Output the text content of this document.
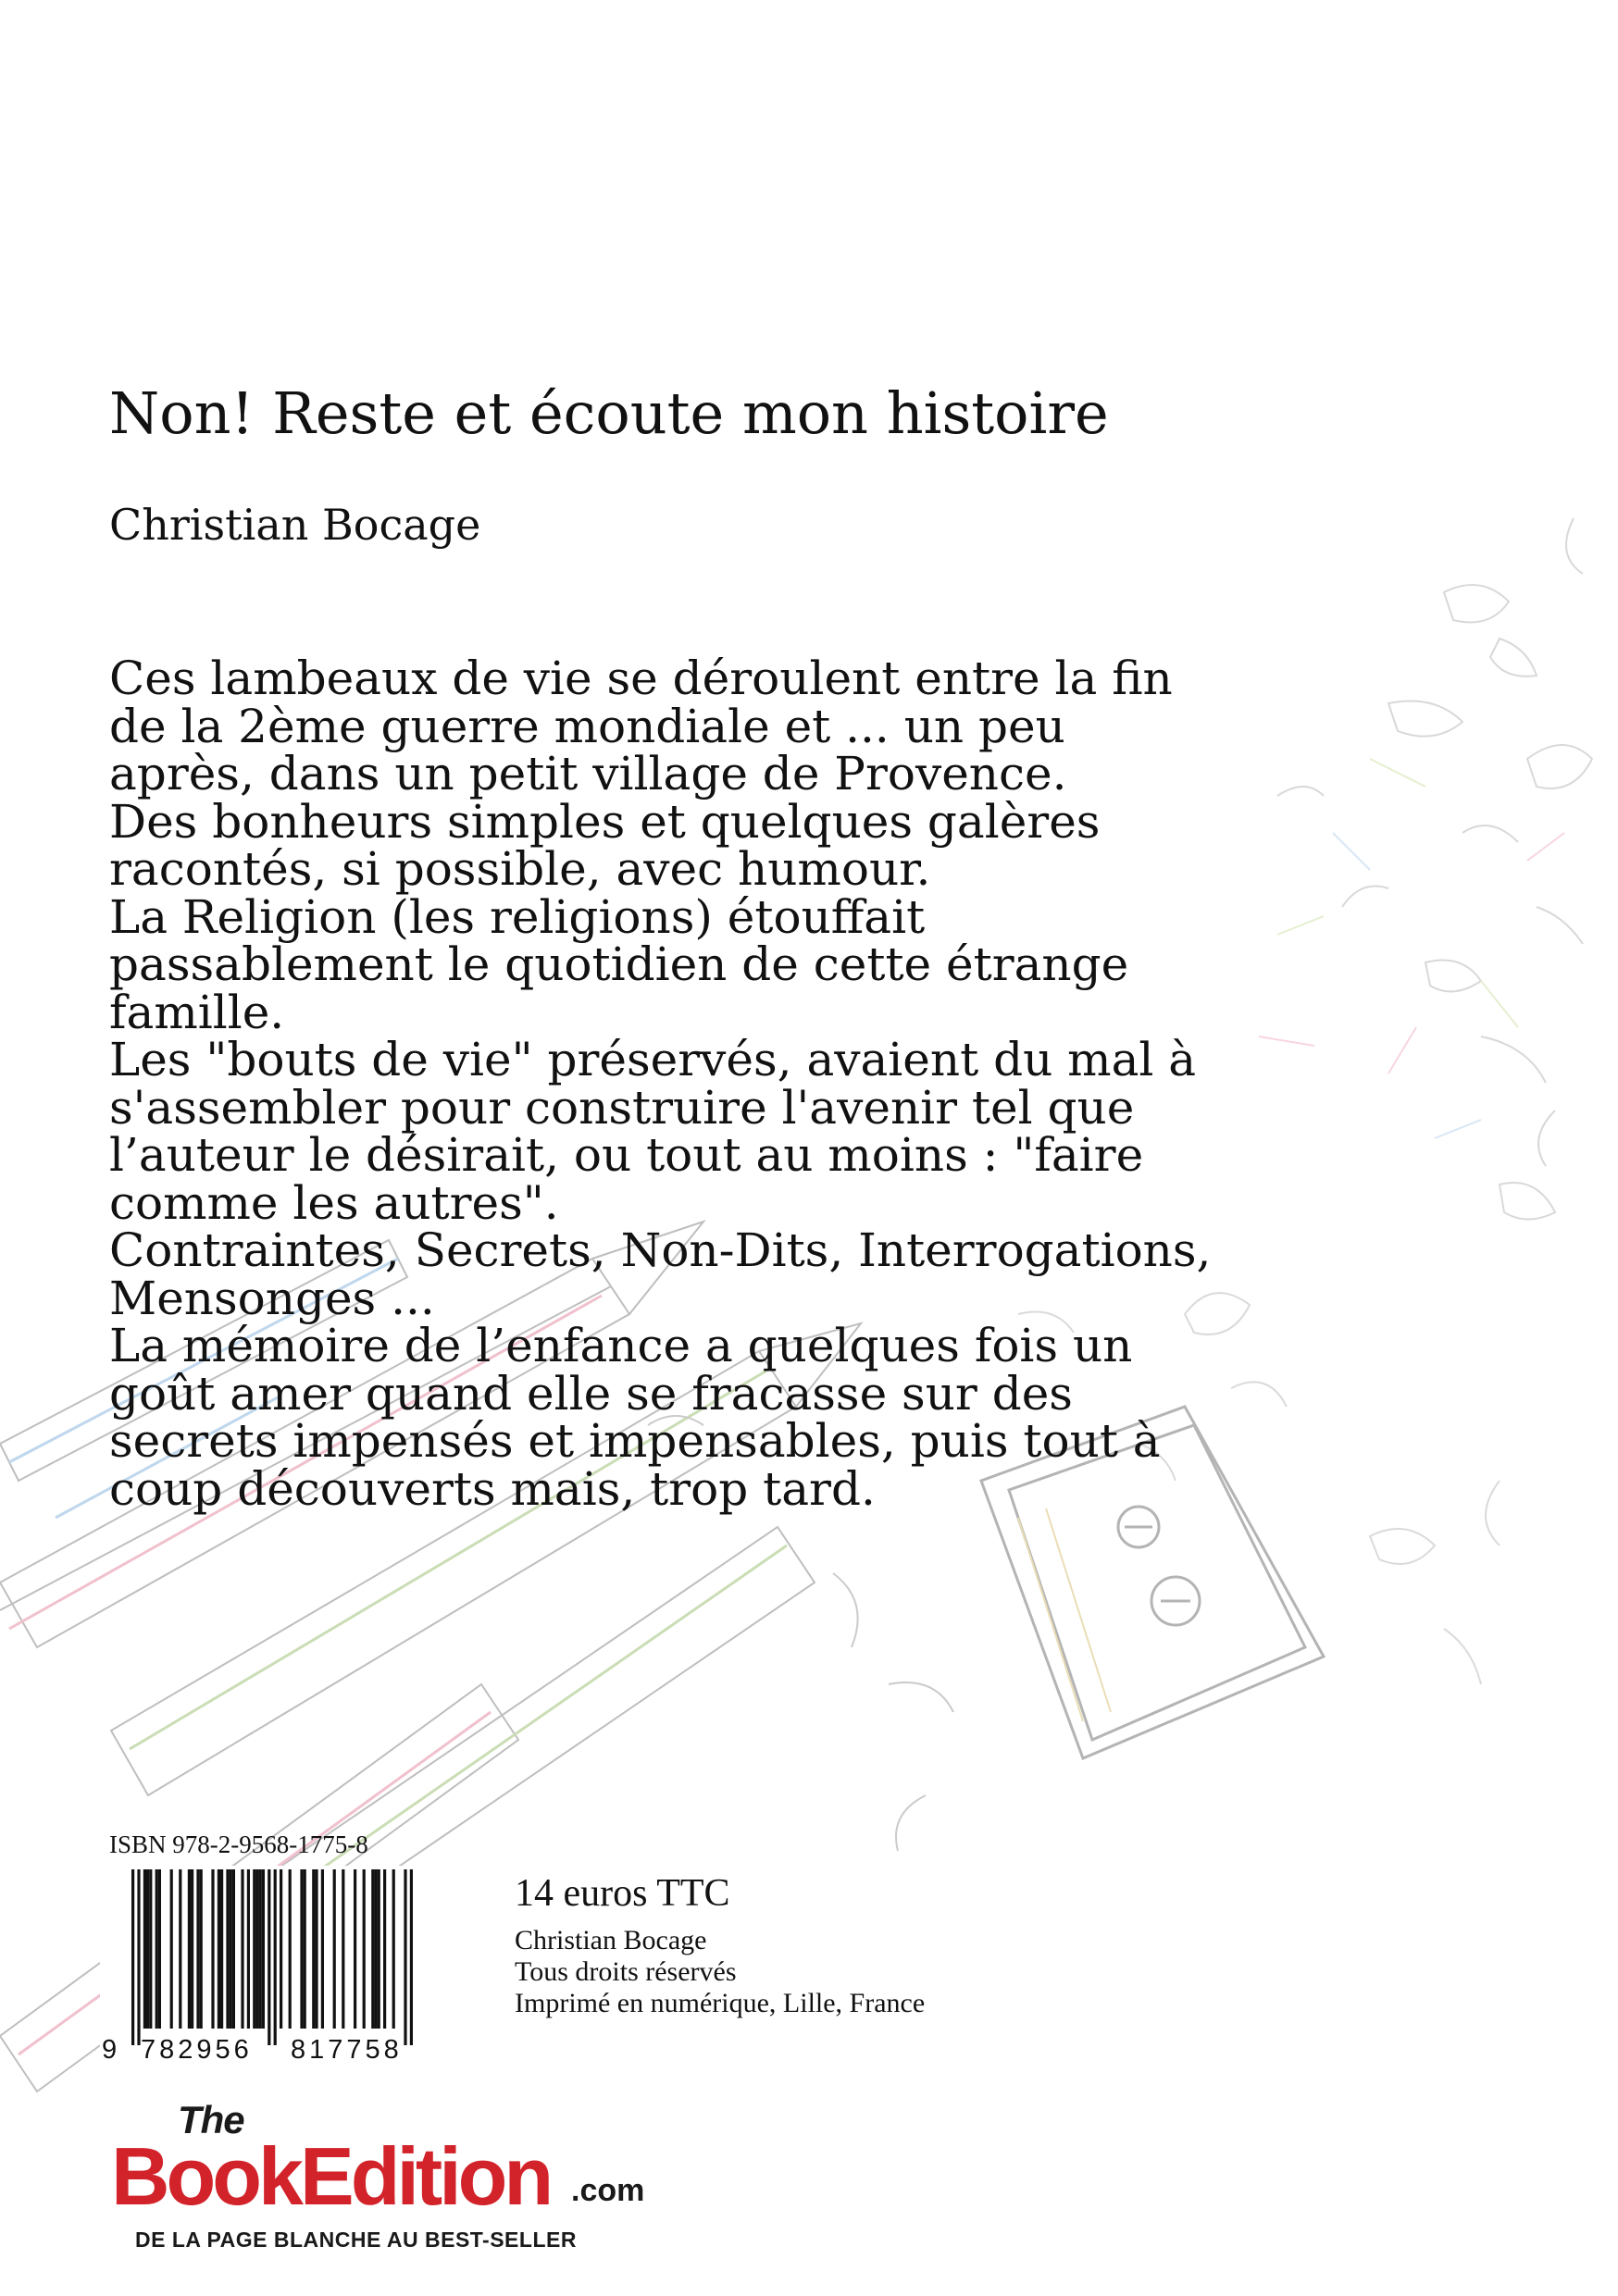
Non! Reste et écoute mon histoire
Christian Bocage
Ces lambeaux de vie se déroulent entre la fin
de la 2ème guerre mondiale et ... un peu
après, dans un petit village de Provence.
Des bonheurs simples et quelques galères
racontés, si possible, avec humour.
La Religion (les religions) étouffait
passablement le quotidien de cette étrange
famille.
Les "bouts de vie" préservés, avaient du mal à
s'assembler pour construire l'avenir tel que
l’auteur le désirait, ou tout au moins : "faire
comme les autres".
Contraintes, Secrets, Non-Dits, Interrogations,
Mensonges ...
La mémoire de l’enfance a quelques fois un
goût amer quand elle se fracasse sur des
secrets impensés et impensables, puis tout à
coup découverts mais, trop tard.
ISBN 978-2-9568-1775-8
9 782956 817758
14 euros TTC
Christian Bocage
Tous droits réservés
Imprimé en numérique, Lille, France
The
BookEdition .com
DE LA PAGE BLANCHE AU BEST-SELLER
